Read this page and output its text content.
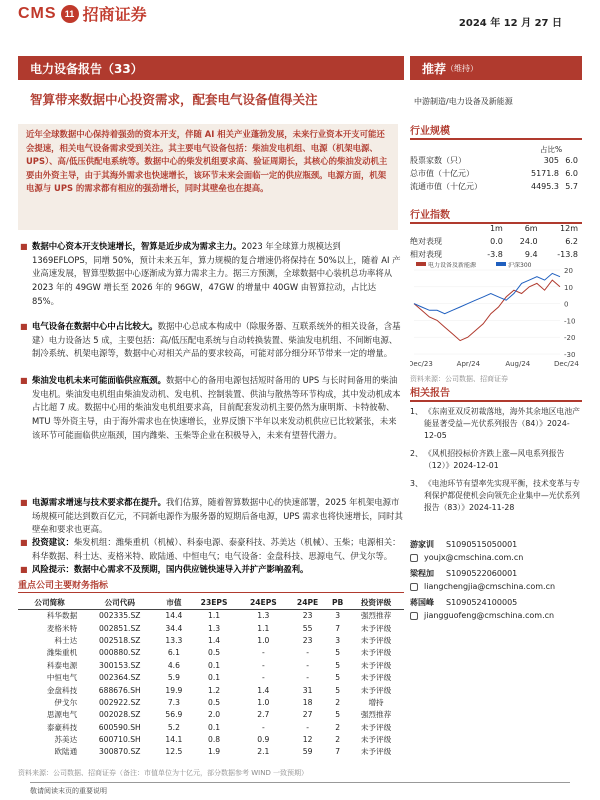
CMS 11 招商证券	2024 年 12 月 27 日
电力设备报告（33）	推荐 （维持）
智算带来数据中心投资需求，配套电气设备值得关注	中游制造/电力设备及新能源
近年全球数据中心保持着强劲的资本开支，伴随 AI 相关产业蓬勃发展，未来行业资本开支可能还会提速，相关电气设备需求受到关注。其主要电气设备包括：柴油发电机组、电源（机架电源、UPS）、高/低压供配电系统等。数据中心的柴发机组要求高、验证周期长，其核心的柴油发动机主要由外资主导，由于其海外需求也快速增长，该环节未来会面临一定的供应瓶颈。电源方面，机架电源与 UPS 的需求都有相应的强劲增长，同时其壁垒也在提高。
■ 数据中心资本开支快速增长，智算是近步成为需求主力。2023 年全球算力规模达到 1369EFLOPS，同增 50%，预计未来五年，算力规模的复合增速仍将保持在 50%以上，随着 AI 产业高速发展，智算型数据中心逐渐成为算力需求主力。据三方预测，全球数据中心装机总功率将从 2023 年的 49GW 增长至 2026 年的 96GW，47GW 的增量中 40GW 由智算拉动，占比达 85%。
■ 电气设备在数据中心中占比较大。数据中心总成本构成中（除服务器、互联系统外的相关设备，含基建）电力设备达 5 成，主要包括：高/低压配电系统与自动转换装置、柴油发电机组、不间断电源、制冷系统、机架电源等，数据中心对相关产品的要求较高，可能对部分细分环节带来一定的增量。
■ 柴油发电机未来可能面临供应瓶颈。数据中心的备用电源包括短时备用的 UPS 与长时间备用的柴油发电机。柴油发电机组由柴油发动机、发电机、控制装置、供油与散热等环节构成，其中发动机成本占比超 7 成。数据中心用的柴油发电机组要求高，目前配套发动机主要仍然为康明斯、卡特彼勒、MTU 等外资主导，由于海外需求也在快速增长，业界反馈下半年以来发动机供应已比较紧张，未来该环节可能面临供应瓶颈，国内潍柴、玉柴等企业在积极导入，未来有望替代潜力。
■ 电源需求增速与技术要求都在提升。我们估算，随着智算数据中心的快速部署，2025 年机架电源市场规模可能达到数百亿元，不同新电源作为服务器的短期后备电源，UPS 需求也将快速增长，同时其壁垒和要求也更高。
■ 投资建议：柴发机组：潍柴重机（机械）、科泰电源、泰豪科技、苏美达（机械）、玉柴；电源相关：科华数据、科士达、麦格米特、欧陆通、中恒电气；电气设备：金盘科技、思源电气、伊戈尔等。
■ 风险提示：数据中心需求不及预期，国内供应链快速导入并扩产影响盈利。
重点公司主要财务指标
公司简称	公司代码	市值	23EPS	24EPS	24PE	PB	投资评级
科华数据	002335.SZ	14.4	1.1	1.3	23	3	强烈推荐
麦格米特	002851.SZ	34.4	1.3	1.1	55	7	未予评级
科士达	002518.SZ	13.3	1.4	1.0	23	3	未予评级
潍柴重机	000880.SZ	6.1	0.5	-	-	5	未予评级
科泰电源	300153.SZ	4.6	0.1	-	-	5	未予评级
中恒电气	002364.SZ	5.9	0.1	-	-	5	未予评级
金盘科技	688676.SH	19.9	1.2	1.4	31	5	未予评级
伊戈尔	002922.SZ	7.3	0.5	1.0	18	2	增持
思源电气	002028.SZ	56.9	2.0	2.7	27	5	强烈推荐
泰豪科技	600590.SH	5.2	0.1	-	-	2	未予评级
苏美达	600710.SH	14.1	0.8	0.9	12	2	未予评级
欧陆通	300870.SZ	12.5	1.9	2.1	59	7	未予评级
资料来源：公司数据、招商证券（备注：市值单位为十亿元，部分数据参考 WIND 一致预期）
行业规模
占比%
股票家数（只）	305	6.0
总市值（十亿元）	5171.8	6.0
流通市值（十亿元）	4495.3	5.7
行业指数
	1m	6m	12m
绝对表现	0.0	24.0	6.2
相对表现	-3.8	9.4	-13.8
20
10
0
-10
-20
-30
Dec/23	Apr/24	Aug/24	Dec/24
电力设备及新能源	沪深300
资料来源：公司数据、招商证券
相关报告
1、 《东南亚双反初裁落地，海外其余地区电池产能显著受益—光伏系列报告（84）》2024-12-05
2、 《风机招投标价齐跌上涨—风电系列报告（12）》2024-12-01
3、 《电池环节有望率先实现平衡，技术变革与专利保护都促使机会向领先企业集中—光伏系列报告（83）》2024-11-28
游家训 S1090515050001
youjx@cmschina.com.cn
梁程加 S1090522060001
liangchengjia@cmschina.com.cn
蒋国峰 S1090524100005
jiangguofeng@cmschina.com.cn
敬请阅读末页的重要说明
